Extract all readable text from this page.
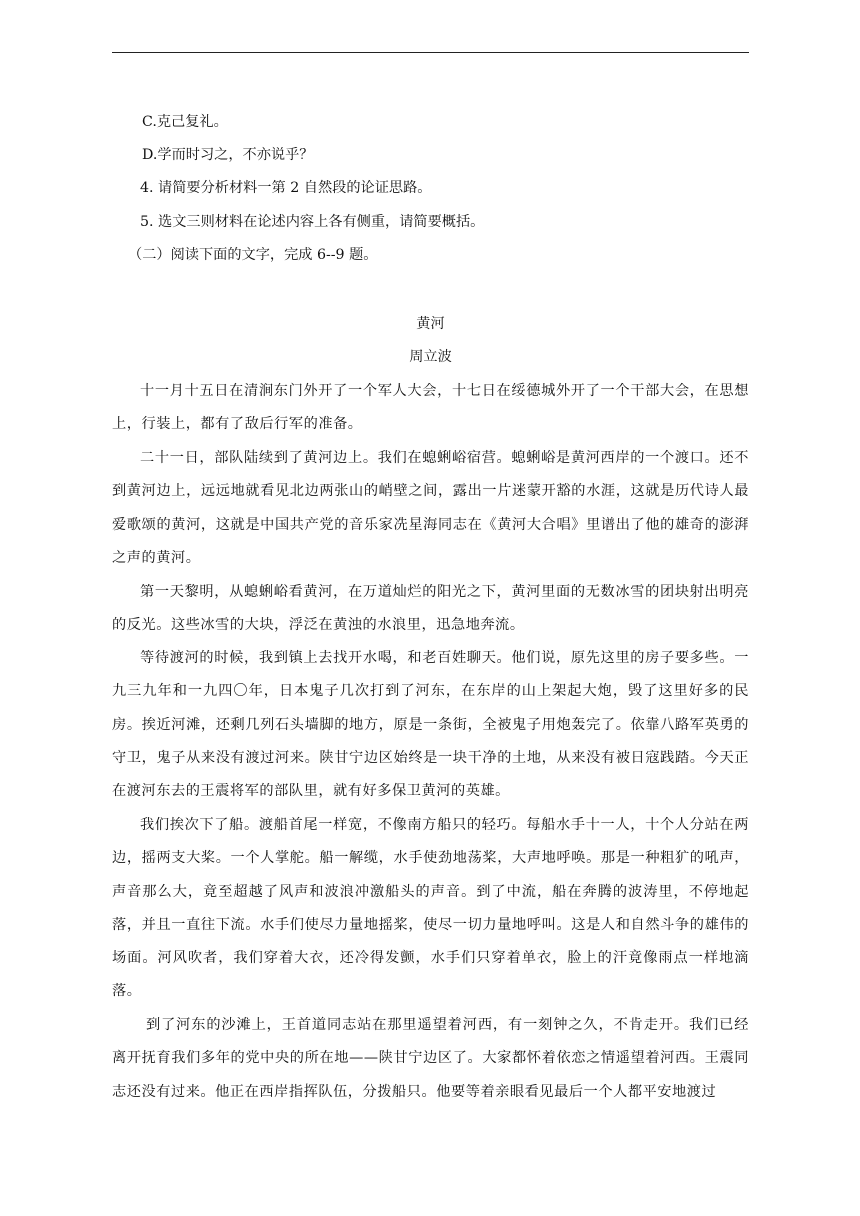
C.克己复礼。
D.学而时习之，不亦说乎？
4. 请简要分析材料一第 2 自然段的论证思路。
5. 选文三则材料在论述内容上各有侧重，请简要概括。
（二）阅读下面的文字，完成 6--9 题。
黄河
周立波

十一月十五日在清涧东门外开了一个军人大会，十七日在绥德城外开了一个干部大会，在思想上，行装上，都有了敌后行军的准备。

二十一日，部队陆续到了黄河边上。我们在螅蜊峪宿营。螅蜊峪是黄河西岸的一个渡口。还不到黄河边上，远远地就看见北边两张山的峭壁之间，露出一片迷蒙开豁的水涯，这就是历代诗人最爱歌颂的黄河，这就是中国共产党的音乐家冼星海同志在《黄河大合唱》里谱出了他的雄奇的澎湃之声的黄河。

第一天黎明，从螅蜊峪看黄河，在万道灿烂的阳光之下，黄河里面的无数冰雪的团块射出明亮的反光。这些冰雪的大块，浮泛在黄浊的水浪里，迅急地奔流。

等待渡河的时候，我到镇上去找开水喝，和老百姓聊天。他们说，原先这里的房子要多些。一九三九年和一九四〇年，日本鬼子几次打到了河东，在东岸的山上架起大炮，毁了这里好多的民房。挨近河滩，还剩几列石头墙脚的地方，原是一条街，全被鬼子用炮轰完了。依靠八路军英勇的守卫，鬼子从来没有渡过河来。陕甘宁边区始终是一块干净的土地，从来没有被日寇践踏。今天正在渡河东去的王震将军的部队里，就有好多保卫黄河的英雄。

我们挨次下了船。渡船首尾一样宽，不像南方船只的轻巧。每船水手十一人，十个人分站在两边，摇两支大桨。一个人掌舵。船一解缆，水手使劲地荡桨，大声地呼唤。那是一种粗犷的吼声，声音那么大，竟至超越了风声和波浪冲激船头的声音。到了中流，船在奔腾的波涛里，不停地起落，并且一直往下流。水手们使尽力量地摇桨，使尽一切力量地呼叫。这是人和自然斗争的雄伟的场面。河风吹者，我们穿着大衣，还冷得发颤，水手们只穿着单衣，脸上的汗竟像雨点一样地滴落。

到了河东的沙滩上，王首道同志站在那里遥望着河西，有一刻钟之久，不肯走开。我们已经离开抚育我们多年的党中央的所在地——陕甘宁边区了。大家都怀着依恋之情遥望着河西。王震同志还没有过来。他正在西岸指挥队伍，分拨船只。他要等着亲眼看见最后一个人都平安地渡过
